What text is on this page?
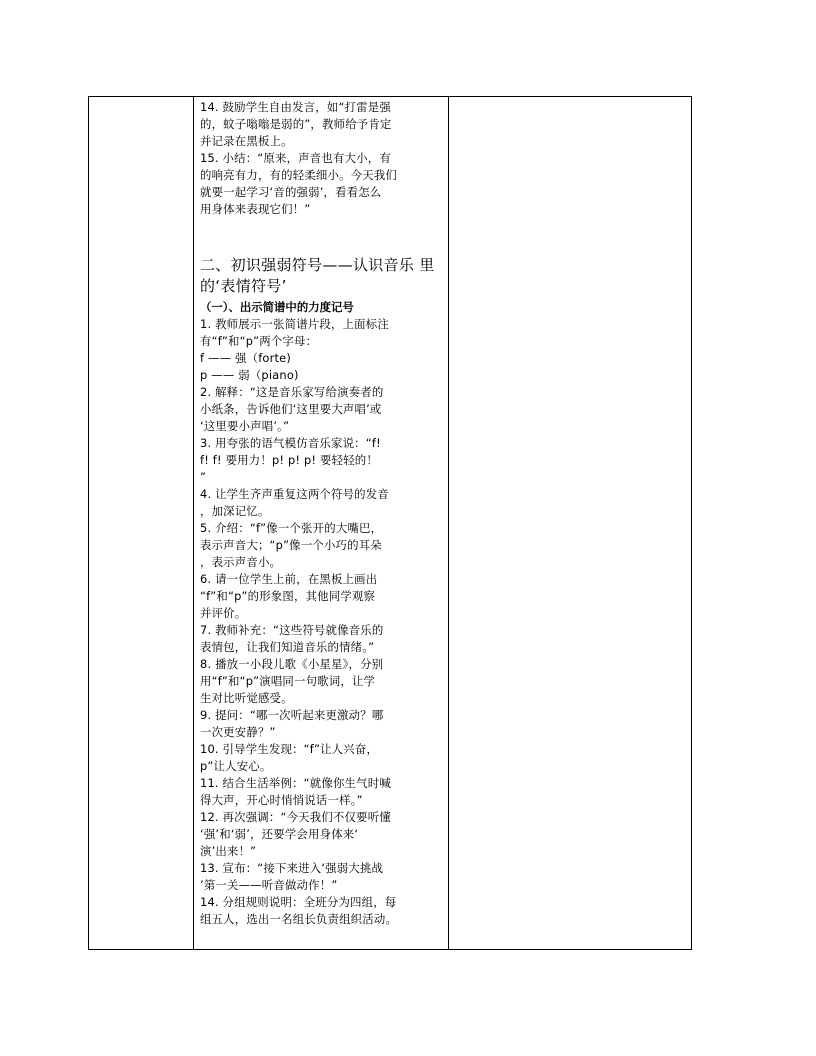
14. 鼓励学生自由发言，如“打雷是强
的，蚊子嗡嗡是弱的”，教师给予肯定
并记录在黑板上。

15. 小结：“原来，声音也有大小，有
的响亮有力，有的轻柔细小。今天我们
就要一起学习‘音的强弱’，看看怎么
用身体来表现它们！”

二、初识强弱符号——认识音乐 里的‘表情符号’

（一）、出示简谱中的力度记号

1. 教师展示一张简谱片段，上面标注
有“f”和“p”两个字母：

f —— 强（forte)

p —— 弱（piano)

2. 解释：“这是音乐家写给演奏者的
小纸条，告诉他们‘这里要大声唱’或
‘这里要小声唱’。”

3. 用夸张的语气模仿音乐家说：“f!
f! f! 要用力！p! p! p! 要轻轻的！
”

4. 让学生齐声重复这两个符号的发音
，加深记忆。

5. 介绍：“f”像一个张开的大嘴巴，
表示声音大；“p”像一个小巧的耳朵
，表示声音小。

6. 请一位学生上前，在黑板上画出
“f”和“p”的形象图，其他同学观察
并评价。

7. 教师补充：“这些符号就像音乐的
表情包，让我们知道音乐的情绪。”

8. 播放一小段儿歌《小星星》，分别
用“f”和“p”演唱同一句歌词，让学
生对比听觉感受。

9. 提问：“哪一次听起来更激动？哪
一次更安静？”

10. 引导学生发现：“f”让人兴奋，
p”让人安心。

11. 结合生活举例：“就像你生气时喊
得大声，开心时悄悄说话一样。”

12. 再次强调：“今天我们不仅要听懂
‘强’和‘弱’，还要学会用身体来‘
演’出来！”

13. 宣布：“接下来进入‘强弱大挑战
’第一关——听音做动作！”

14. 分组规则说明：全班分为四组，每
组五人，选出一名组长负责组织活动。
